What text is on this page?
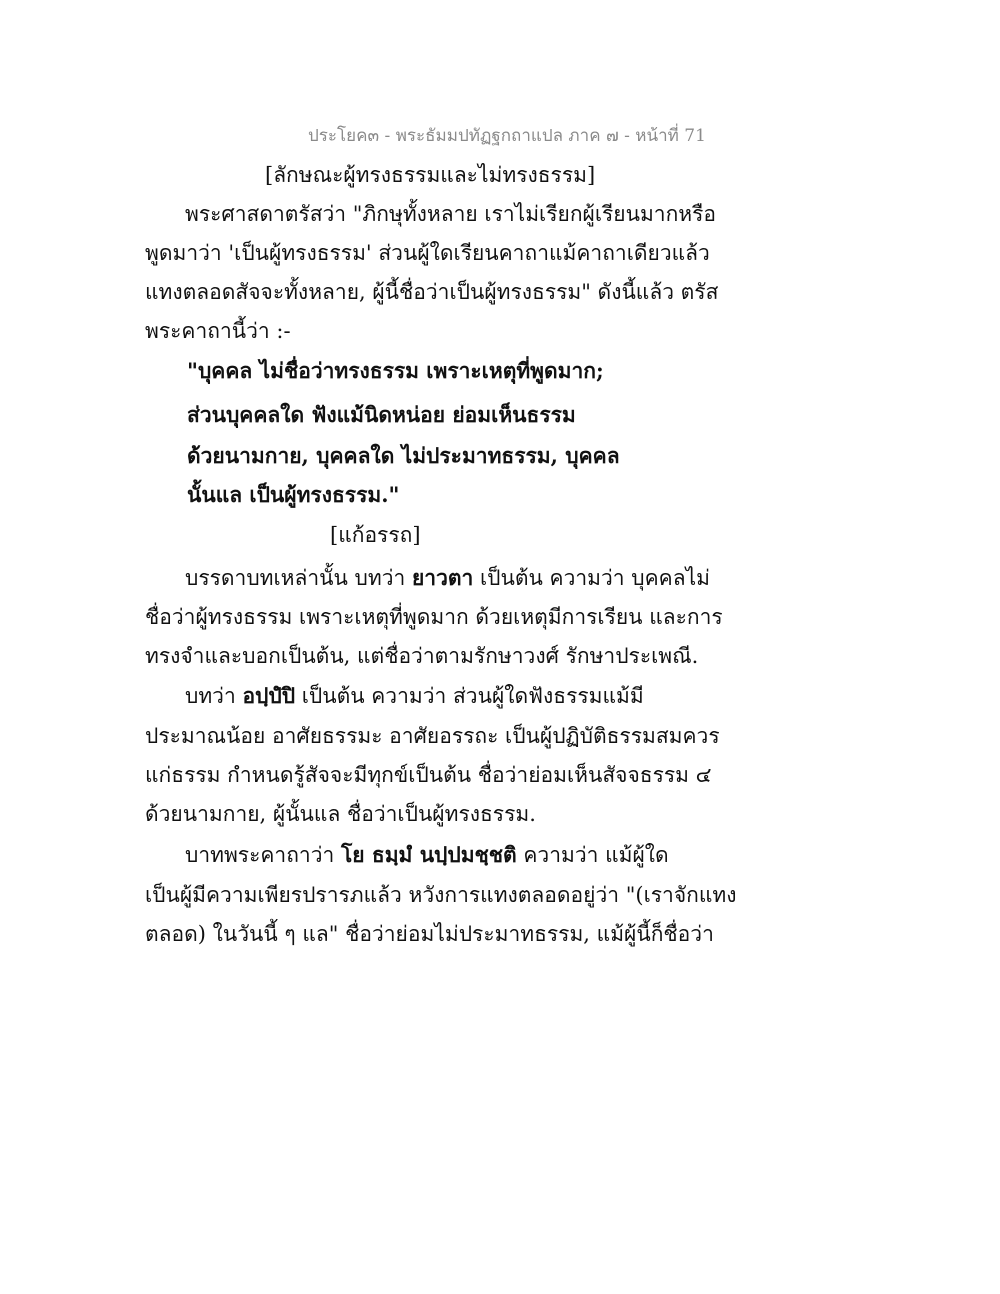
ประโยค๓ - พระธัมมปทัฏฐกถาแปล ภาค ๗ - หน้าที่ 71
[ลักษณะผู้ทรงธรรมและไม่ทรงธรรม]
พระศาสดาตรัสว่า "ภิกษุทั้งหลาย เราไม่เรียกผู้เรียนมากหรือ
พูดมาว่า 'เป็นผู้ทรงธรรม' ส่วนผู้ใดเรียนคาถาแม้คาถาเดียวแล้ว
แทงตลอดสัจจะทั้งหลาย, ผู้นี้ชื่อว่าเป็นผู้ทรงธรรม" ดังนี้แล้ว ตรัส
พระคาถานี้ว่า :-
"บุคคล ไม่ชื่อว่าทรงธรรม เพราะเหตุที่พูดมาก;
ส่วนบุคคลใด ฟังแม้นิดหน่อย ย่อมเห็นธรรม
ด้วยนามกาย, บุคคลใด ไม่ประมาทธรรม, บุคคล
นั้นแล เป็นผู้ทรงธรรม."
[แก้อรรถ]
บรรดาบทเหล่านั้น บทว่า ยาวตา เป็นต้น ความว่า บุคคลไม่
ชื่อว่าผู้ทรงธรรม เพราะเหตุที่พูดมาก ด้วยเหตุมีการเรียน และการ
ทรงจำและบอกเป็นต้น, แต่ชื่อว่าตามรักษาวงศ์ รักษาประเพณี.
บทว่า อปฺปํปิ เป็นต้น ความว่า ส่วนผู้ใดฟังธรรมแม้มี
ประมาณน้อย อาศัยธรรมะ อาศัยอรรถะ เป็นผู้ปฏิบัติธรรมสมควร
แก่ธรรม กำหนดรู้สัจจะมีทุกข์เป็นต้น ชื่อว่าย่อมเห็นสัจจธรรม ๔
ด้วยนามกาย, ผู้นั้นแล ชื่อว่าเป็นผู้ทรงธรรม.
บาทพระคาถาว่า โย ธมฺมํ นปฺปมชฺชติ ความว่า แม้ผู้ใด
เป็นผู้มีความเพียรปรารภแล้ว หวังการแทงตลอดอยู่ว่า "(เราจักแทง
ตลอด) ในวันนี้ ๆ แล" ชื่อว่าย่อมไม่ประมาทธรรม, แม้ผู้นี้ก็ชื่อว่า
